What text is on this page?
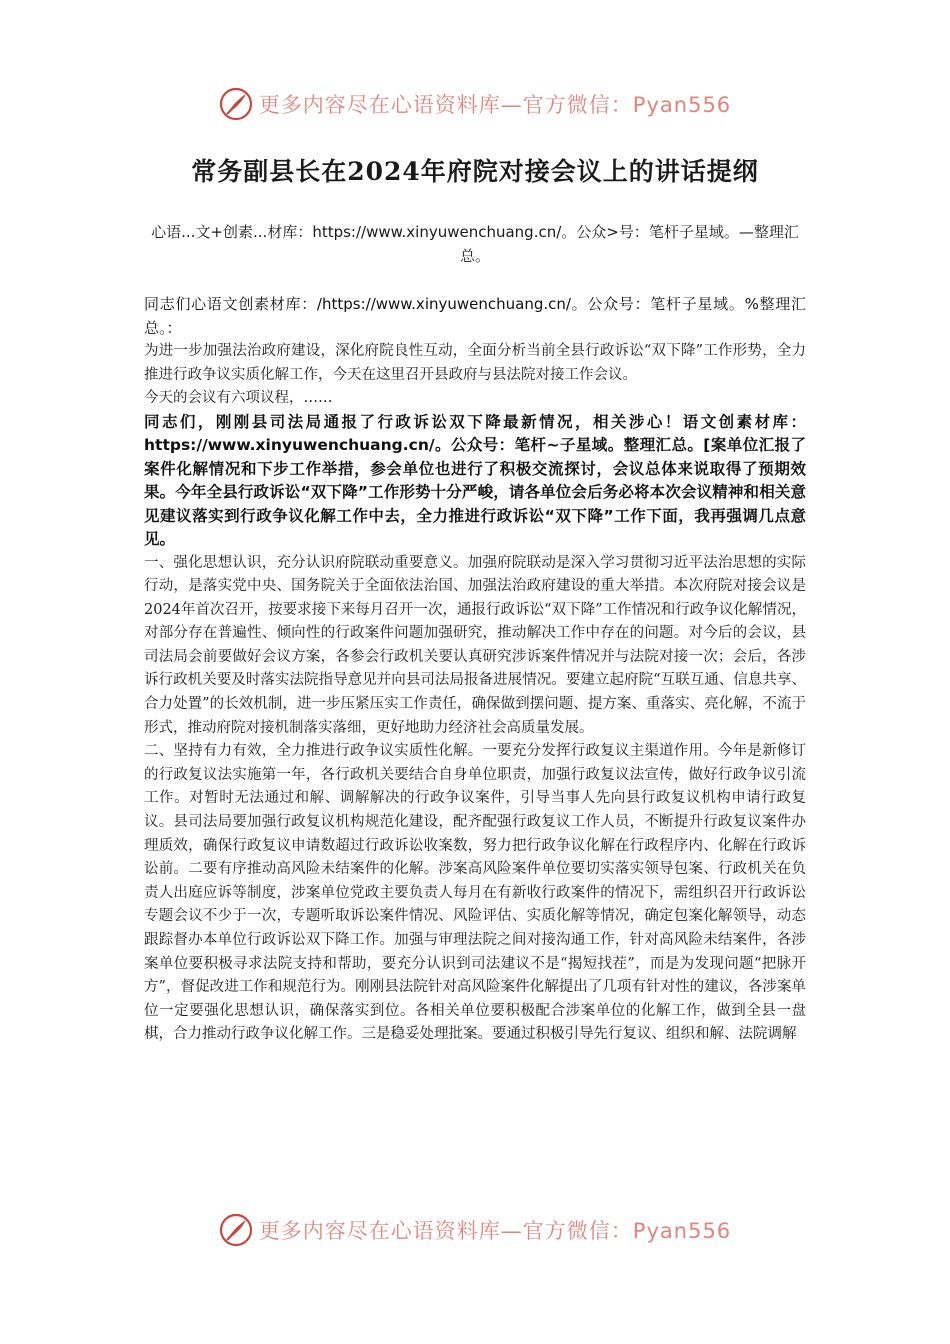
更多内容尽在心语资料库—官方微信：Pyan556
常务副县长在2024年府院对接会议上的讲话提纲
心语...文+创素...材库：https://www.xinyuwenchuang.cn/。公众>号：笔杆子星域。—整理汇总。

同志们心语文创素材库：/https://www.xinyuwenchuang.cn/。公众号：笔杆子星域。%整理汇总。：

为进一步加强法治政府建设，深化府院良性互动，全面分析当前全县行政诉讼“双下降”工作形势，全力推进行政争议实质化解工作，今天在这里召开县政府与县法院对接工作会议。

今天的会议有六项议程，……

同志们，刚刚县司法局通报了行政诉讼双下降最新情况，相关涉心！语文创素材库：https://www.xinyuwenchuang.cn/。公众号：笔杆~子星域。整理汇总。[案单位汇报了案件化解情况和下步工作举措，参会单位也进行了积极交流探讨，会议总体来说取得了预期效果。今年全县行政诉讼“双下降”工作形势十分严峻，请各单位会后务必将本次会议精神和相关意见建议落实到行政争议化解工作中去，全力推进行政诉讼“双下降”工作下面，我再强调几点意见。

一、强化思想认识，充分认识府院联动重要意义。加强府院联动是深入学习贯彻习近平法治思想的实际行动，是落实党中央、国务院关于全面依法治国、加强法治政府建设的重大举措。本次府院对接会议是2024年首次召开，按要求接下来每月召开一次，通报行政诉讼“双下降”工作情况和行政争议化解情况，对部分存在普遍性、倾向性的行政案件问题加强研究，推动解决工作中存在的问题。对今后的会议，县司法局会前要做好会议方案，各参会行政机关要认真研究涉诉案件情况并与法院对接一次；会后，各涉诉行政机关要及时落实法院指导意见并向县司法局报备进展情况。要建立起府院“互联互通、信息共享、合力处置”的长效机制，进一步压紧压实工作责任，确保做到摆问题、提方案、重落实、亮化解，不流于形式，推动府院对接机制落实落细，更好地助力经济社会高质量发展。

二、坚持有力有效，全力推进行政争议实质性化解。一要充分发挥行政复议主渠道作用。今年是新修订的行政复议法实施第一年，各行政机关要结合自身单位职责，加强行政复议法宣传，做好行政争议引流工作。对暂时无法通过和解、调解解决的行政争议案件，引导当事人先向县行政复议机构申请行政复议。县司法局要加强行政复议机构规范化建设，配齐配强行政复议工作人员，不断提升行政复议案件办理质效，确保行政复议申请数超过行政诉讼收案数，努力把行政争议化解在行政程序内、化解在行政诉讼前。二要有序推动高风险未结案件的化解。涉案高风险案件单位要切实落实领导包案、行政机关在负责人出庭应诉等制度，涉案单位党政主要负责人每月在有新收行政案件的情况下，需组织召开行政诉讼专题会议不少于一次，专题听取诉讼案件情况、风险评估、实质化解等情况，确定包案化解领导，动态跟踪督办本单位行政诉讼双下降工作。加强与审理法院之间对接沟通工作，针对高风险未结案件，各涉案单位要积极寻求法院支持和帮助，要充分认识到司法建议不是“揭短找茬”，而是为发现问题“把脉开方”，督促改进工作和规范行为。刚刚县法院针对高风险案件化解提出了几项有针对性的建议，各涉案单位一定要强化思想认识，确保落实到位。各相关单位要积极配合涉案单位的化解工作，做到全县一盘棋，合力推动行政争议化解工作。三是稳妥处理批案。要通过积极引导先行复议、组织和解、法院调解

更多内容尽在心语资料库—官方微信：Pyan556
